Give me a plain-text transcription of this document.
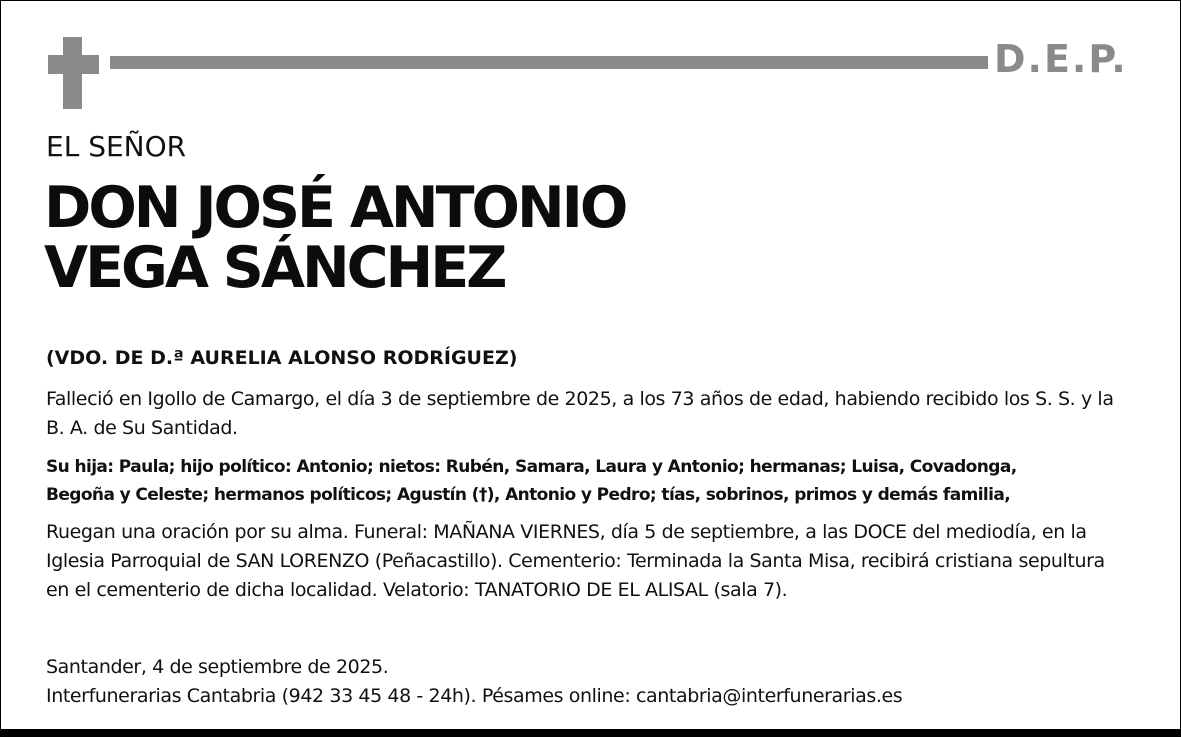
D.E.P.
EL SEÑOR
DON JOSÉ ANTONIO
VEGA SÁNCHEZ
(VDO. DE D.ª AURELIA ALONSO RODRÍGUEZ)
Falleció en Igollo de Camargo, el día 3 de septiembre de 2025, a los 73 años de edad, habiendo recibido los S. S. y la B. A. de Su Santidad.
Su hija: Paula; hijo político: Antonio; nietos: Rubén, Samara, Laura y Antonio; hermanas; Luisa, Covadonga,
Begoña y Celeste; hermanos políticos; Agustín (†), Antonio y Pedro; tías, sobrinos, primos y demás familia,
Ruegan una oración por su alma. Funeral: MAÑANA VIERNES, día 5 de septiembre, a las DOCE del mediodía, en la Iglesia Parroquial de SAN LORENZO (Peñacastillo). Cementerio: Terminada la Santa Misa, recibirá cristiana sepultura en el cementerio de dicha localidad. Velatorio: TANATORIO DE EL ALISAL (sala 7).
Santander, 4 de septiembre de 2025.
Interfunerarias Cantabria (942 33 45 48 - 24h). Pésames online: cantabria@interfunerarias.es
